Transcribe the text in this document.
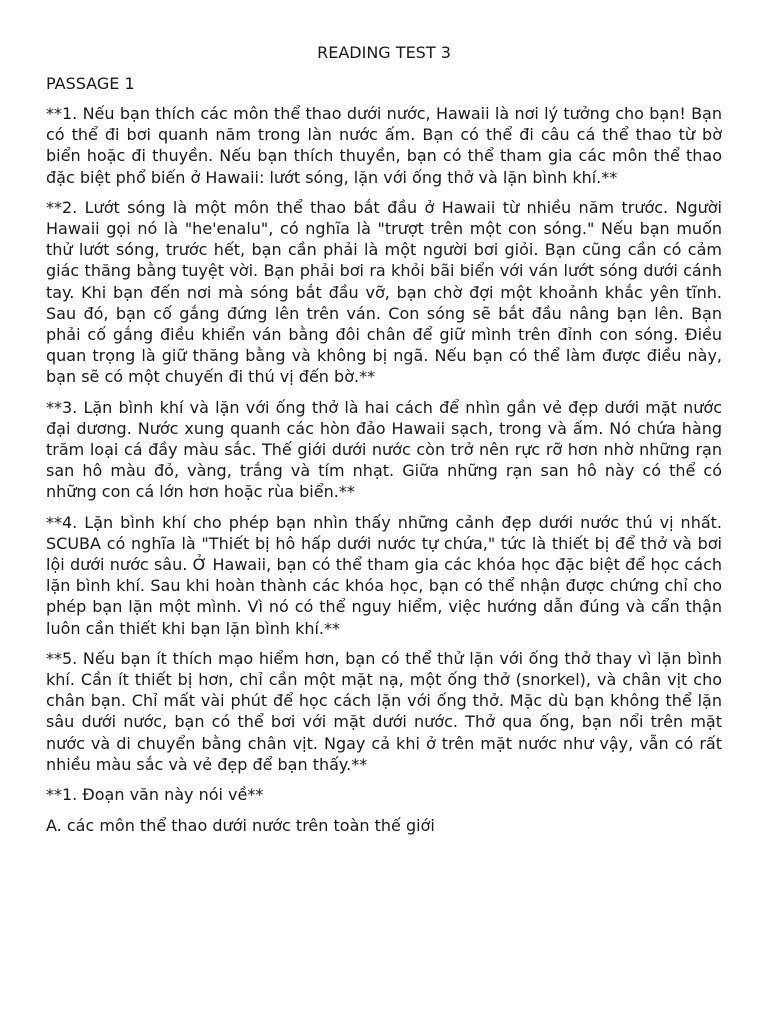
READING TEST 3
PASSAGE 1

**1. Nếu bạn thích các môn thể thao dưới nước, Hawaii là nơi lý tưởng cho bạn! Bạn có thể đi bơi quanh năm trong làn nước ấm. Bạn có thể đi câu cá thể thao từ bờ biển hoặc đi thuyền. Nếu bạn thích thuyền, bạn có thể tham gia các môn thể thao đặc biệt phổ biến ở Hawaii: lướt sóng, lặn với ống thở và lặn bình khí.**

**2. Lướt sóng là một môn thể thao bắt đầu ở Hawaii từ nhiều năm trước. Người Hawaii gọi nó là "he'enalu", có nghĩa là "trượt trên một con sóng." Nếu bạn muốn thử lướt sóng, trước hết, bạn cần phải là một người bơi giỏi. Bạn cũng cần có cảm giác thăng bằng tuyệt vời. Bạn phải bơi ra khỏi bãi biển với ván lướt sóng dưới cánh tay. Khi bạn đến nơi mà sóng bắt đầu vỡ, bạn chờ đợi một khoảnh khắc yên tĩnh. Sau đó, bạn cố gắng đứng lên trên ván. Con sóng sẽ bắt đầu nâng bạn lên. Bạn phải cố gắng điều khiển ván bằng đôi chân để giữ mình trên đỉnh con sóng. Điều quan trọng là giữ thăng bằng và không bị ngã. Nếu bạn có thể làm được điều này, bạn sẽ có một chuyến đi thú vị đến bờ.**

**3. Lặn bình khí và lặn với ống thở là hai cách để nhìn gần vẻ đẹp dưới mặt nước đại dương. Nước xung quanh các hòn đảo Hawaii sạch, trong và ấm. Nó chứa hàng trăm loại cá đầy màu sắc. Thế giới dưới nước còn trở nên rực rỡ hơn nhờ những rạn san hô màu đỏ, vàng, trắng và tím nhạt. Giữa những rạn san hô này có thể có những con cá lớn hơn hoặc rùa biển.**

**4. Lặn bình khí cho phép bạn nhìn thấy những cảnh đẹp dưới nước thú vị nhất. SCUBA có nghĩa là "Thiết bị hô hấp dưới nước tự chứa," tức là thiết bị để thở và bơi lội dưới nước sâu. Ở Hawaii, bạn có thể tham gia các khóa học đặc biệt để học cách lặn bình khí. Sau khi hoàn thành các khóa học, bạn có thể nhận được chứng chỉ cho phép bạn lặn một mình. Vì nó có thể nguy hiểm, việc hướng dẫn đúng và cẩn thận luôn cần thiết khi bạn lặn bình khí.**

**5. Nếu bạn ít thích mạo hiểm hơn, bạn có thể thử lặn với ống thở thay vì lặn bình khí. Cần ít thiết bị hơn, chỉ cần một mặt nạ, một ống thở (snorkel), và chân vịt cho chân bạn. Chỉ mất vài phút để học cách lặn với ống thở. Mặc dù bạn không thể lặn sâu dưới nước, bạn có thể bơi với mặt dưới nước. Thở qua ống, bạn nổi trên mặt nước và di chuyển bằng chân vịt. Ngay cả khi ở trên mặt nước như vậy, vẫn có rất nhiều màu sắc và vẻ đẹp để bạn thấy.**

**1. Đoạn văn này nói về**

A. các môn thể thao dưới nước trên toàn thế giới
